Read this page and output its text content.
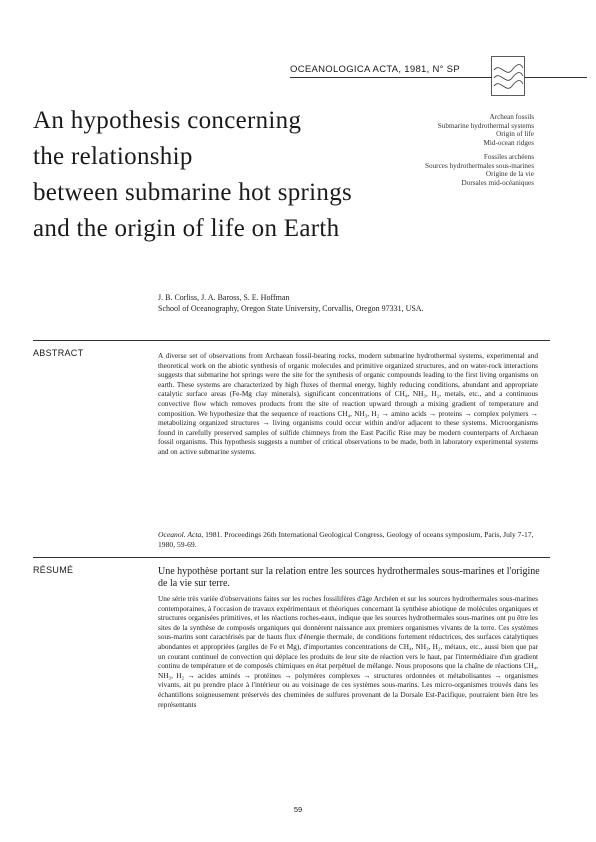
OCEANOLOGICA ACTA, 1981, N° SP
An hypothesis concerning
the relationship
between submarine hot springs
and the origin of life on Earth
Archean fossils
Submarine hydrothermal systems
Origin of life
Mid-ocean ridges
Fossiles archéens
Sources hydrothermales sous-marines
Origine de la vie
Dorsales mid-océaniques
J. B. Corliss, J. A. Baross, S. E. Hoffman
School of Oceanography, Oregon State University, Corvallis, Oregon 97331, USA.
ABSTRACT	A diverse set of observations from Archaean fossil-bearing rocks, modern submarine hydrothermal systems, experimental and theoretical work on the abiotic synthesis of organic molecules and primitive organized structures, and on water-rock interactions suggests that submarine hot springs were the site for the synthesis of organic compounds leading to the first living organisms on earth. These systems are characterized by high fluxes of thermal energy, highly reducing conditions, abundant and appropriate catalytic surface areas (Fe-Mg clay minerals), significant concentrations of CH₄, NH₃, H₂, metals, etc., and a continuous convective flow which removes products from the site of reaction upward through a mixing gradient of temperature and composition. We hypothesize that the sequence of reactions CH₄, NH₃, H₂ → amino acids → proteins → complex polymers → metabolizing organized structures → living organisms could occur within and/or adjacent to these systems. Microorganisms found in carefully preserved samples of sulfide chimneys from the East Pacific Rise may be modern counterparts of Archaean fossil organisms. This hypothesis suggests a number of critical observations to be made, both in laboratory experimental systems and on active submarine systems.
Oceanol. Acta, 1981. Proceedings 26th International Geological Congress, Geology of oceans symposium, Paris, July 7-17, 1980, 59-69.
RÉSUMÉ	Une hypothèse portant sur la relation entre les sources hydrothermales sous-marines et l'origine de la vie sur terre.
Une série très variée d'observations faites sur les roches fossilifères d'âge Archéen et sur les sources hydrothermales sous-marines contemporaines, à l'occasion de travaux expérimentaux et théoriques concernant la synthèse abiotique de molécules organiques et structures organisées primitives, et les réactions roches-eaux, indique que les sources hydrothermales sous-marines ont pu être les sites de la synthèse de composés organiques qui donnèrent naissance aux premiers organismes vivants de la terre. Ces systèmes sous-marins sont caractérisés par de hauts flux d'énergie thermale, de conditions fortement réductrices, des surfaces catalytiques abondantes et appropriées (argiles de Fe et Mg), d'importantes concentrations de CH₄, NH₃, H₂, métaux, etc., aussi bien que par un courant continuel de convection qui déplace les produits de leur site de réaction vers le haut, par l'intermédiaire d'un gradient continu de température et de composés chimiques en état perpétuel de mélange. Nous proposons que la chaîne de réactions CH₄, NH₃, H₂ → acides aminés → protéines → polymères complexes → structures ordonnées et métabolisantes → organismes vivants, ait pu prendre place à l'intérieur ou au voisinage de ces systèmes sous-marins. Les micro-organismes trouvés dans les échantillons soigneusement préservés des cheminées de sulfures provenant de la Dorsale Est-Pacifique, pourraient bien être les représentants
59
